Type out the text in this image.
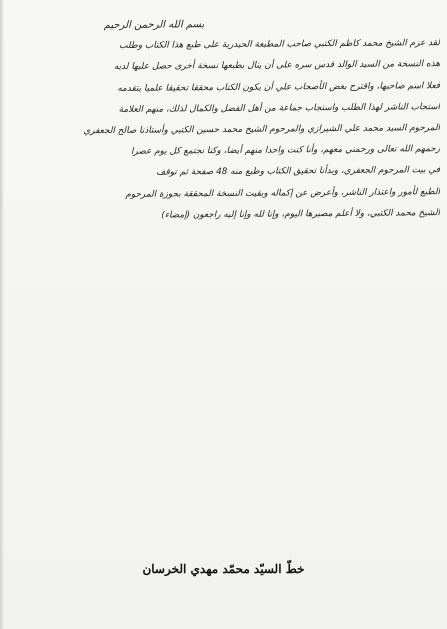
بسم الله الرحمن الرحيم
لقد عزم الشيخ محمد كاظم الكتبي صاحب المطبعة الحيدرية على طبع هذا الكتاب وطلب
هذه النسخة من السيد الوالد قدس سره على أن ينال بطبعها نسخة أخرى حصل عليها لديه
فعلا اسم صاحبها، واقترح بعض الأصحاب علي أن يكون الكتاب محققا تحقيقا علميا يتقدمه
استجاب الناشر لهذا الطلب واستجاب جماعة من أهل الفضل والكمال لذلك، منهم العلامة
المرحوم السيد محمد علي الشيرازي والمرحوم الشيخ محمد حسين الكتبي وأستاذنا صالح الجعفري
رحمهم الله تعالى ورحمني معهم، وأنا كنت واحدا منهم أيضا، وكنا نجتمع كل يوم عصرا
في بيت المرحوم الجعفري، وبدأنا تحقيق الكتاب وطبع منه 48 صفحة ثم توقف
الطبع لأمور واعتذار الناشر، وأعرض عن إكماله وبقيت النسخة المحققة بحوزة المرحوم
الشيخ محمد الكتبي، ولا أعلم مصيرها اليوم، وإنا لله وإنا إليه راجعون (إمضاء)
خطّ السيّد محمّد مهدي الخرسان
